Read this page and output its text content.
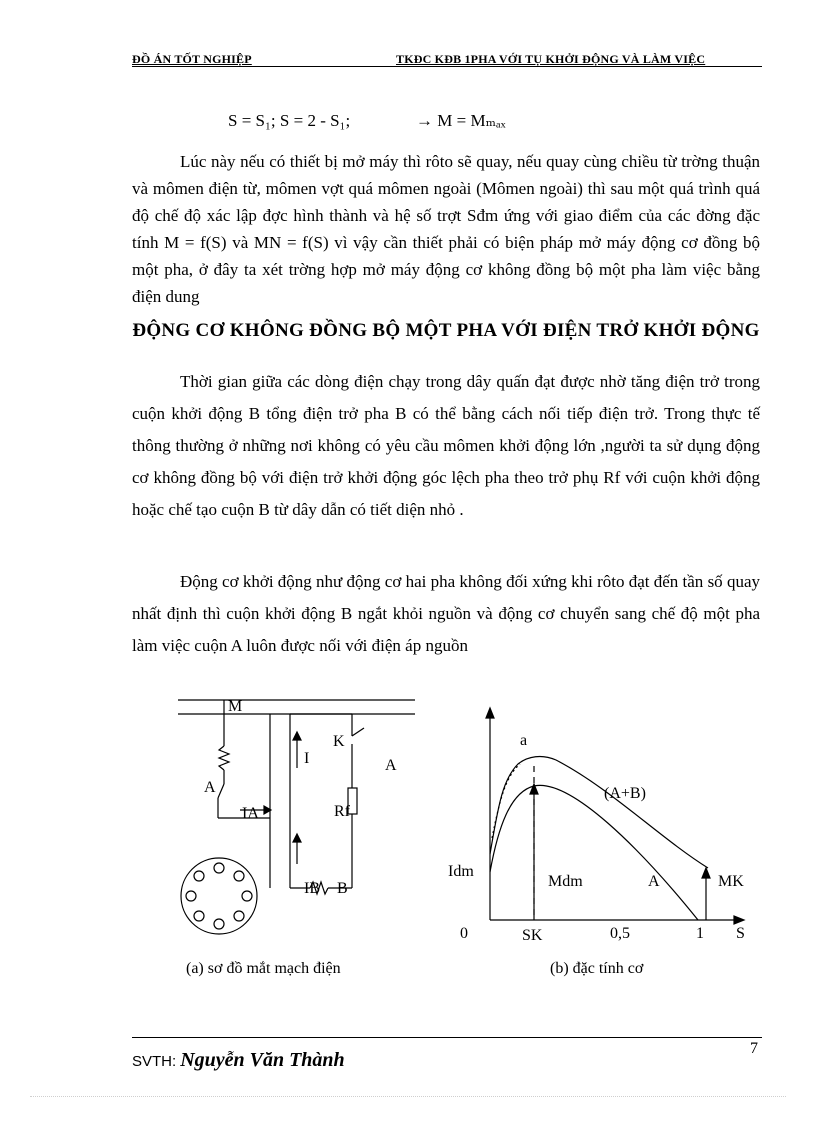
ĐỒ ÁN TỐT NGHIỆP	TKĐC KĐB 1PHA VỚI TỤ KHỞI ĐỘNG VÀ LÀM VIỆC
S = S₁; S = 2 - S₁;	→ M = Mₘₐₓ
Lúc này nếu có thiết bị mở máy thì rôto sẽ quay, nếu quay cùng chiều từ trờng thuận và mômen điện từ, mômen vợt quá mômen ngoài (Mômen ngoài) thì sau một quá trình quá độ chế độ xác lập đợc hình thành và hệ số trợt Sđm ứng với giao điểm của các đờng đặc tính M = f(S) và MN = f(S) vì vậy cần thiết phải có biện pháp mở máy động cơ đồng bộ một pha, ở đây ta xét trờng hợp mở máy động cơ không đồng bộ một pha làm việc bằng điện dung
ĐỘNG CƠ KHÔNG ĐỒNG BỘ MỘT PHA VỚI ĐIỆN TRỞ KHỞI ĐỘNG
Thời gian giữa các dòng điện chạy trong dây quấn đạt được nhờ tăng điện trở trong cuộn khởi động B tổng điện trở pha B có thể bằng cách nối tiếp điện trở. Trong thực tế thông thường ở những nơi không có yêu cầu mômen khởi động lớn ,người ta sử dụng động cơ không đồng bộ với điện trở khởi động góc lệch pha theo trở phụ Rf với cuộn khởi động hoặc chế tạo cuộn B từ dây dẫn có tiết diện nhỏ .
Động cơ khởi động như động cơ hai pha không đối xứng khi rôto đạt đến tần số quay nhất định thì cuộn khởi động B ngắt khỏi nguồn và động cơ chuyển sang chế độ một pha làm việc cuộn A luôn được nối với điện áp nguồn
M
K
I	A
A
IA	Rf
IB B
a
(A+B)
Idm
Mdm	A	MK
0	SK	0,5	1 S
(a) sơ đồ mắt mạch điện	(b) đặc tính cơ
7
SVTH: Nguyễn Văn Thành
